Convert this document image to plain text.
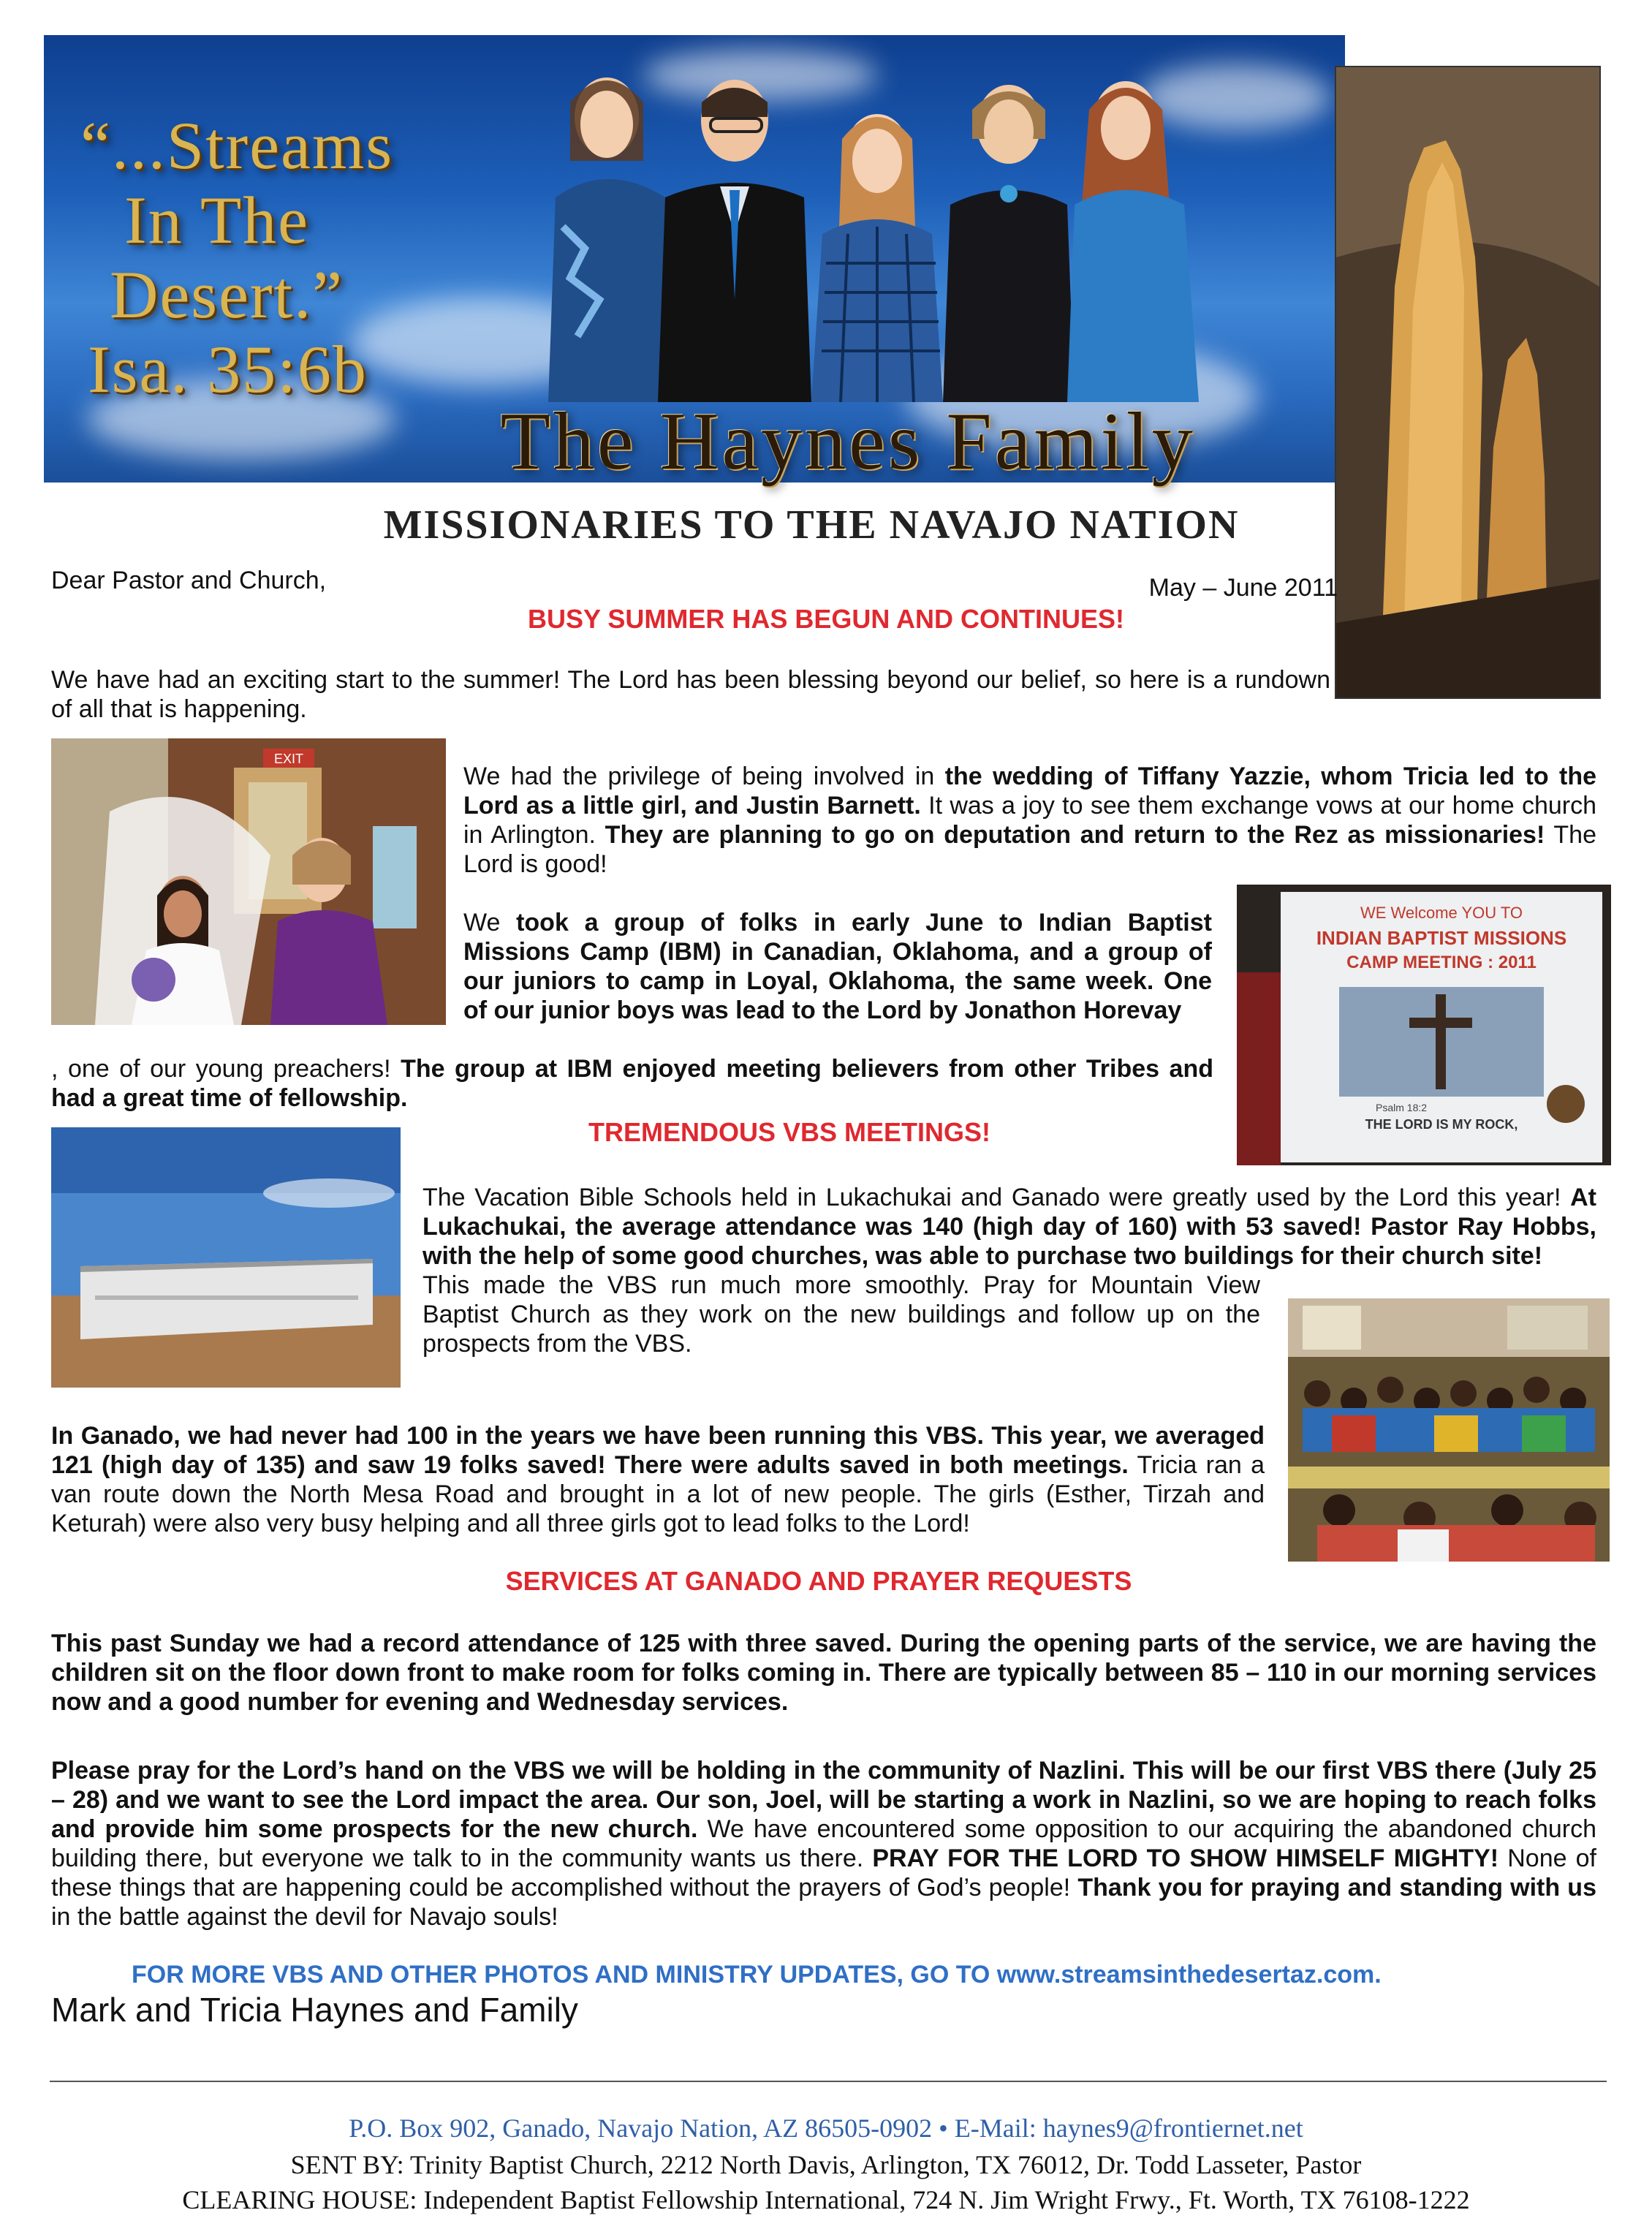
“...Streams
In The
Desert.”
Isa. 35:6b
The Haynes Family
MISSIONARIES TO THE NAVAJO NATION
Dear Pastor and Church,	May – June 2011
BUSY SUMMER HAS BEGUN AND CONTINUES!
We have had an exciting start to the summer! The Lord has been blessing beyond our belief, so here is a rundown of all that is happening.
EXIT
We had the privilege of being involved in the wedding of Tiffany Yazzie, whom Tricia led to the Lord as a little girl, and Justin Barnett. It was a joy to see them exchange vows at our home church in Arlington. They are planning to go on deputation and return to the Rez as missionaries! The Lord is good!
WE Welcome YOU TO
INDIAN BAPTIST MISSIONS
CAMP MEETING : 2011
Psalm 18:2
THE LORD IS MY ROCK,
We took a group of folks in early June to Indian Baptist Missions Camp (IBM) in Canadian, Oklahoma, and a group of our juniors to camp in Loyal, Oklahoma, the same week. One of our junior boys was lead to the Lord by Jonathon Horevay
, one of our young preachers! The group at IBM enjoyed meeting believers from other Tribes and had a great time of fellowship.
TREMENDOUS VBS MEETINGS!
The Vacation Bible Schools held in Lukachukai and Ganado were greatly used by the Lord this year! At Lukachukai, the average attendance was 140 (high day of 160) with 53 saved! Pastor Ray Hobbs, with the help of some good churches, was able to purchase two buildings for their church site!
This made the VBS run much more smoothly. Pray for Mountain View Baptist Church as they work on the new buildings and follow up on the prospects from the VBS.
In Ganado, we had never had 100 in the years we have been running this VBS. This year, we averaged 121 (high day of 135) and saw 19 folks saved! There were adults saved in both meetings. Tricia ran a van route down the North Mesa Road and brought in a lot of new people. The girls (Esther, Tirzah and Keturah) were also very busy helping and all three girls got to lead folks to the Lord!
SERVICES AT GANADO AND PRAYER REQUESTS
This past Sunday we had a record attendance of 125 with three saved. During the opening parts of the service, we are having the children sit on the floor down front to make room for folks coming in. There are typically between 85 – 110 in our morning services now and a good number for evening and Wednesday services.
Please pray for the Lord’s hand on the VBS we will be holding in the community of Nazlini. This will be our first VBS there (July 25 – 28) and we want to see the Lord impact the area. Our son, Joel, will be starting a work in Nazlini, so we are hoping to reach folks and provide him some prospects for the new church. We have encountered some opposition to our acquiring the abandoned church building there, but everyone we talk to in the community wants us there. PRAY FOR THE LORD TO SHOW HIMSELF MIGHTY! None of these things that are happening could be accomplished without the prayers of God’s people! Thank you for praying and standing with us in the battle against the devil for Navajo souls!
FOR MORE VBS AND OTHER PHOTOS AND MINISTRY UPDATES, GO TO www.streamsinthedesertaz.com.
Mark and Tricia Haynes and Family
P.O. Box 902, Ganado, Navajo Nation, AZ 86505-0902 • E-Mail: haynes9@frontiernet.net
SENT BY: Trinity Baptist Church, 2212 North Davis, Arlington, TX 76012, Dr. Todd Lasseter, Pastor
CLEARING HOUSE: Independent Baptist Fellowship International, 724 N. Jim Wright Frwy., Ft. Worth, TX 76108-1222
